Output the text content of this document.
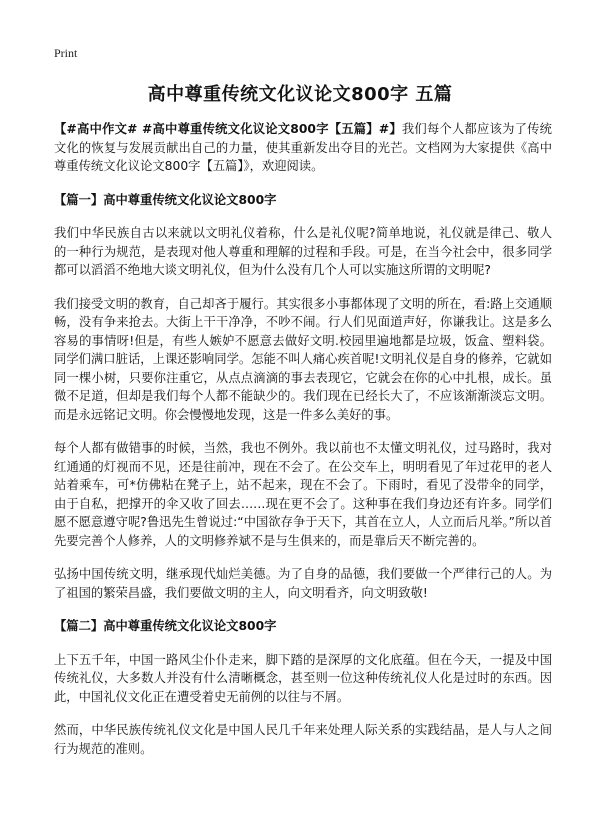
Print
高中尊重传统文化议论文800字 五篇

【#高中作文# #高中尊重传统文化议论文800字【五篇】#】我们每个人都应该为了传统文化的恢复与发展贡献出自己的力量，使其重新发出夺目的光芒。文档网为大家提供《高中尊重传统文化议论文800字【五篇】》，欢迎阅读。

【篇一】高中尊重传统文化议论文800字

我们中华民族自古以来就以文明礼仪着称，什么是礼仪呢?简单地说，礼仪就是律己、敬人的一种行为规范，是表现对他人尊重和理解的过程和手段。可是，在当今社会中，很多同学都可以滔滔不绝地大谈文明礼仪，但为什么没有几个人可以实施这所谓的文明呢?

我们接受文明的教育，自己却吝于履行。其实很多小事都体现了文明的所在，看:路上交通顺畅，没有争来抢去。大街上干干净净，不吵不闹。行人们见面道声好，你谦我让。这是多么容易的事情呀!但是，有些人嫉妒不愿意去做好文明.校园里遍地都是垃圾，饭盒、塑料袋。同学们满口脏话，上课还影响同学。怎能不叫人痛心疾首呢!文明礼仪是自身的修养，它就如同一棵小树，只要你注重它，从点点滴滴的事去表现它，它就会在你的心中扎根，成长。虽微不足道，但却是我们每个人都不能缺少的。我们现在已经长大了，不应该渐渐淡忘文明。而是永远铭记文明。你会慢慢地发现，这是一件多么美好的事。

每个人都有做错事的时候，当然，我也不例外。我以前也不太懂文明礼仪，过马路时，我对红通通的灯视而不见，还是往前冲，现在不会了。在公交车上，明明看见了年过花甲的老人站着乘车，可*仿佛粘在凳子上，站不起来，现在不会了。下雨时，看见了没带伞的同学，由于自私，把撑开的伞又收了回去……现在更不会了。这种事在我们身边还有许多。同学们愿不愿意遵守呢?鲁迅先生曾说过:“中国欲存争于天下，其首在立人，人立而后凡举。”所以首先要完善个人修养，人的文明修养斌不是与生俱来的，而是靠后天不断完善的。

弘扬中国传统文明，继承现代灿烂美德。为了自身的品德，我们要做一个严律行己的人。为了祖国的繁荣昌盛，我们要做文明的主人，向文明看齐，向文明致敬!

【篇二】高中尊重传统文化议论文800字

上下五千年，中国一路风尘仆仆走来，脚下踏的是深厚的文化底蕴。但在今天，一提及中国传统礼仪，大多数人并没有什么清晰概念，甚至则一位这种传统礼仪人化是过时的东西。因此，中国礼仪文化正在遭受着史无前例的以往与不屑。

然而，中华民族传统礼仪文化是中国人民几千年来处理人际关系的实践结晶，是人与人之间行为规范的准则。
